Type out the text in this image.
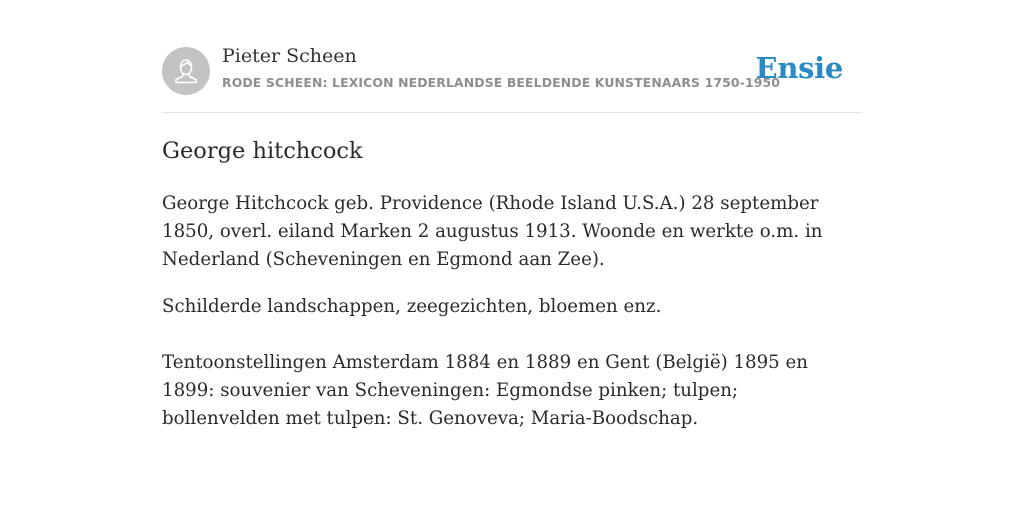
Pieter Scheen
RODE SCHEEN: LEXICON NEDERLANDSE BEELDENDE KUNSTENAARS 1750-1950
Ensie
George hitchcock

George Hitchcock geb. Providence (Rhode Island U.S.A.) 28 september 1850, overl. eiland Marken 2 augustus 1913. Woonde en werkte o.m. in Nederland (Scheveningen en Egmond aan Zee).

Schilderde landschappen, zeegezichten, bloemen enz.

Tentoonstellingen Amsterdam 1884 en 1889 en Gent (België) 1895 en 1899: souvenier van Scheveningen: Egmondse pinken; tulpen; bollenvelden met tulpen: St. Genoveva; Maria-Boodschap.
